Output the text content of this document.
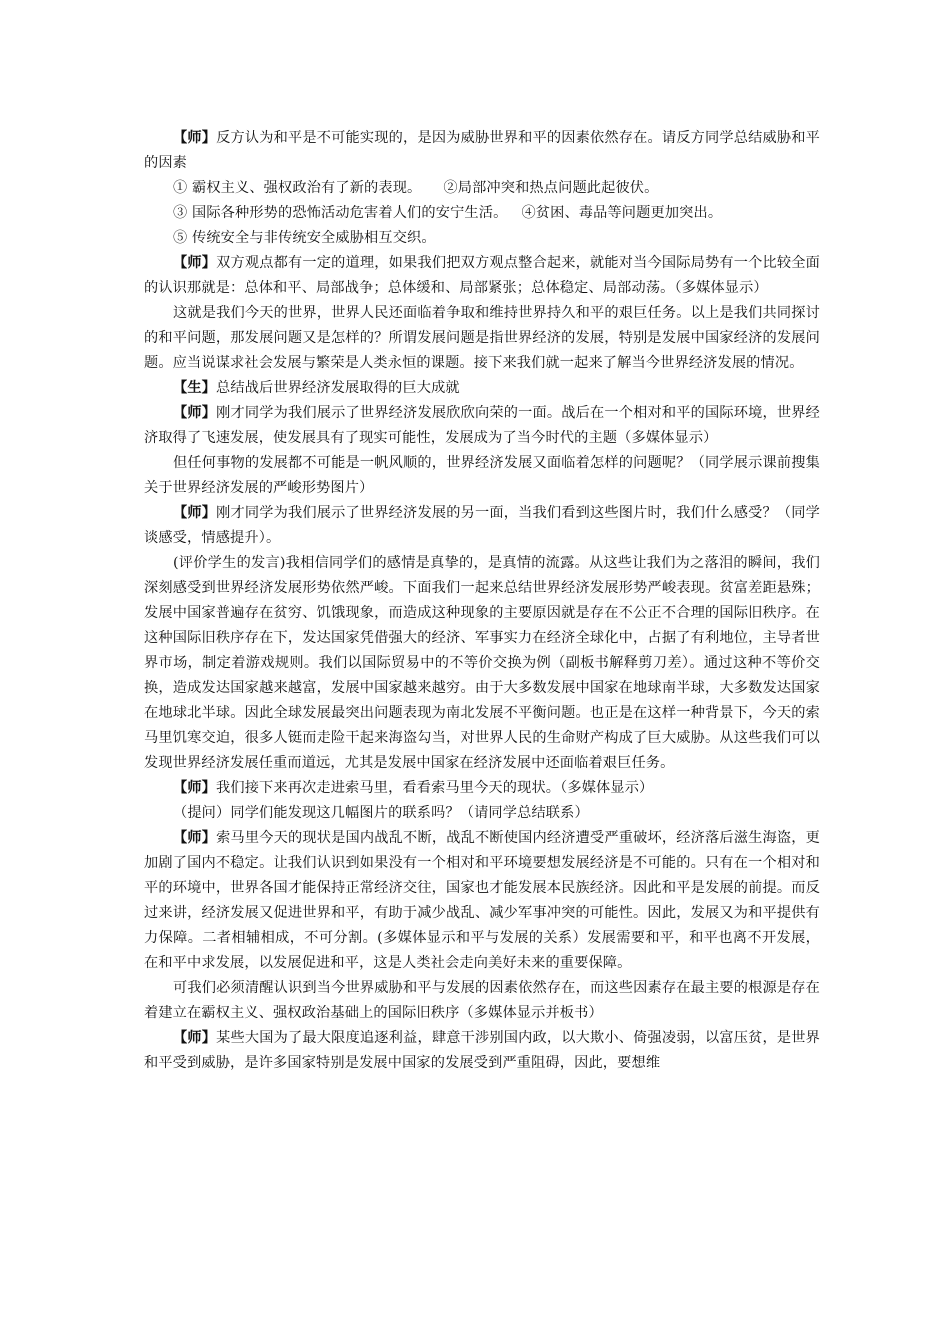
【师】反方认为和平是不可能实现的，是因为威胁世界和平的因素依然存在。请反方同学总结威胁和平的因素

① 霸权主义、强权政治有了新的表现。 ②局部冲突和热点问题此起彼伏。

③ 国际各种形势的恐怖活动危害着人们的安宁生活。 ④贫困、毒品等问题更加突出。

⑤ 传统安全与非传统安全威胁相互交织。

【师】双方观点都有一定的道理，如果我们把双方观点整合起来，就能对当今国际局势有一个比较全面的认识那就是：总体和平、局部战争；总体缓和、局部紧张；总体稳定、局部动荡。（多媒体显示）

这就是我们今天的世界，世界人民还面临着争取和维持世界持久和平的艰巨任务。以上是我们共同探讨的和平问题，那发展问题又是怎样的？所谓发展问题是指世界经济的发展，特别是发展中国家经济的发展问题。应当说谋求社会发展与繁荣是人类永恒的课题。接下来我们就一起来了解当今世界经济发展的情况。

【生】总结战后世界经济发展取得的巨大成就

【师】刚才同学为我们展示了世界经济发展欣欣向荣的一面。战后在一个相对和平的国际环境，世界经济取得了飞速发展，使发展具有了现实可能性，发展成为了当今时代的主题（多媒体显示）

但任何事物的发展都不可能是一帆风顺的，世界经济发展又面临着怎样的问题呢？（同学展示课前搜集关于世界经济发展的严峻形势图片）

【师】刚才同学为我们展示了世界经济发展的另一面，当我们看到这些图片时，我们什么感受？（同学谈感受，情感提升）。

(评价学生的发言)我相信同学们的感情是真挚的，是真情的流露。从这些让我们为之落泪的瞬间，我们深刻感受到世界经济发展形势依然严峻。下面我们一起来总结世界经济发展形势严峻表现。贫富差距悬殊；发展中国家普遍存在贫穷、饥饿现象，而造成这种现象的主要原因就是存在不公正不合理的国际旧秩序。在这种国际旧秩序存在下，发达国家凭借强大的经济、军事实力在经济全球化中，占据了有利地位，主导者世界市场，制定着游戏规则。我们以国际贸易中的不等价交换为例（副板书解释剪刀差）。通过这种不等价交换，造成发达国家越来越富，发展中国家越来越穷。由于大多数发展中国家在地球南半球，大多数发达国家在地球北半球。因此全球发展最突出问题表现为南北发展不平衡问题。也正是在这样一种背景下，今天的索马里饥寒交迫，很多人铤而走险干起来海盗勾当，对世界人民的生命财产构成了巨大威胁。从这些我们可以发现世界经济发展任重而道远，尤其是发展中国家在经济发展中还面临着艰巨任务。

【师】我们接下来再次走进索马里，看看索马里今天的现状。（多媒体显示）

（提问）同学们能发现这几幅图片的联系吗？（请同学总结联系）

【师】索马里今天的现状是国内战乱不断，战乱不断使国内经济遭受严重破坏，经济落后滋生海盗，更加剧了国内不稳定。让我们认识到如果没有一个相对和平环境要想发展经济是不可能的。只有在一个相对和平的环境中，世界各国才能保持正常经济交往，国家也才能发展本民族经济。因此和平是发展的前提。而反过来讲，经济发展又促进世界和平，有助于减少战乱、减少军事冲突的可能性。因此，发展又为和平提供有力保障。二者相辅相成，不可分割。(多媒体显示和平与发展的关系）发展需要和平，和平也离不开发展，在和平中求发展，以发展促进和平，这是人类社会走向美好未来的重要保障。

可我们必须清醒认识到当今世界威胁和平与发展的因素依然存在，而这些因素存在最主要的根源是存在着建立在霸权主义、强权政治基础上的国际旧秩序（多媒体显示并板书）

【师】某些大国为了最大限度追逐利益，肆意干涉别国内政，以大欺小、倚强凌弱，以富压贫，是世界和平受到威胁，是许多国家特别是发展中国家的发展受到严重阻碍，因此，要想维
